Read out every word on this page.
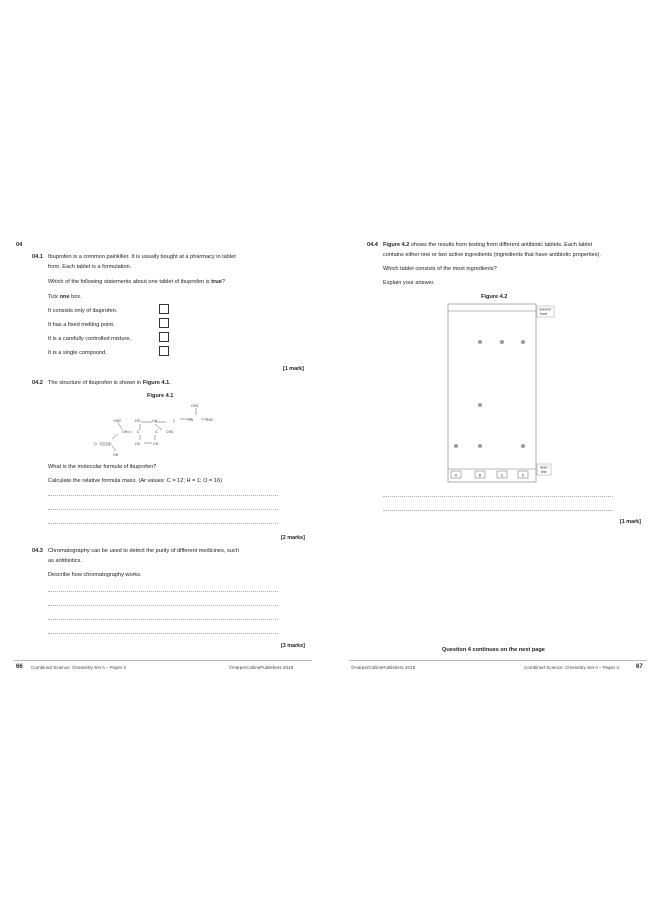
04
04.1 Ibuprofen is a common painkiller. It is usually bought at a pharmacy in tablet
form. Each tablet is a formulation.
Which of the following statements about one tablet of ibuprofen is true?
Tick one box.
It consists only of ibuprofen.
It has a fixed melting point.
It is a carefully controlled mixture.
It is a single compound.
[1 mark]
04.2 The structure of ibuprofen is shown in Figure 4.1.
Figure 4.1
CH3
H3C	HC	CH	CH	CH2
CH	C	C CH2
O	C	HC	CH
OH
What is the molecular formula of ibuprofen?
Calculate the relative formula mass. (Ar values: C = 12; H = 1; O = 16)
[2 marks]
04.3 Chromatography can be used to detect the purity of different medicines, such
as antibiotics.
Describe how chromatography works.
[3 marks]
66 Combined Science: Chemistry Set A – Paper 4	©HarperCollinsPublishers 2019
04.4 Figure 4.2 shows the results from testing from different antibiotic tablets. Each tablet
contains either one or two active ingredients (ingredients that have antibiotic properties).
Which tablet consists of the most ingredients?
Explain your answer.
Figure 4.2
Solvent
front
Start
line
A	B	C	D
[1 mark]
Question 4 continues on the next page
©HarperCollinsPublishers 2019	Combined Science: Chemistry Set A – Paper 4	67
